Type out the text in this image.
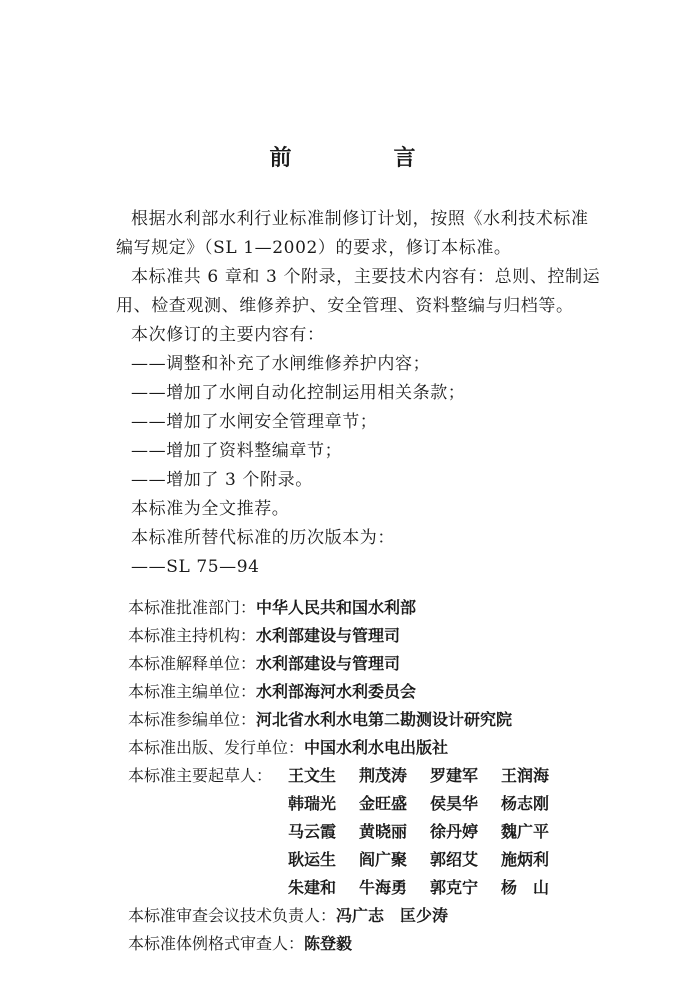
前　言
根据水利部水利行业标准制修订计划，按照《水利技术标准
编写规定》（SL 1—2002）的要求，修订本标准。
本标准共 6 章和 3 个附录，主要技术内容有：总则、控制运
用、检查观测、维修养护、安全管理、资料整编与归档等。
本次修订的主要内容有：
——调整和补充了水闸维修养护内容；
——增加了水闸自动化控制运用相关条款；
——增加了水闸安全管理章节；
——增加了资料整编章节；
——增加了 3 个附录。
本标准为全文推荐。
本标准所替代标准的历次版本为：
——SL 75—94
本标准批准部门：中华人民共和国水利部
本标准主持机构：水利部建设与管理司
本标准解释单位：水利部建设与管理司
本标准主编单位：水利部海河水利委员会
本标准参编单位：河北省水利水电第二勘测设计研究院
本标准出版、发行单位：中国水利水电出版社
本标准主要起草人： 王文生 荆茂涛 罗建军 王润海
韩瑞光 金旺盛 侯昊华 杨志刚
马云霞 黄晓丽 徐丹婷 魏广平
耿运生 阎广聚 郭绍艾 施炳利
朱建和 牛海勇 郭克宁 杨　山
本标准审查会议技术负责人：冯广志　匡少涛
本标准体例格式审查人：陈登毅
